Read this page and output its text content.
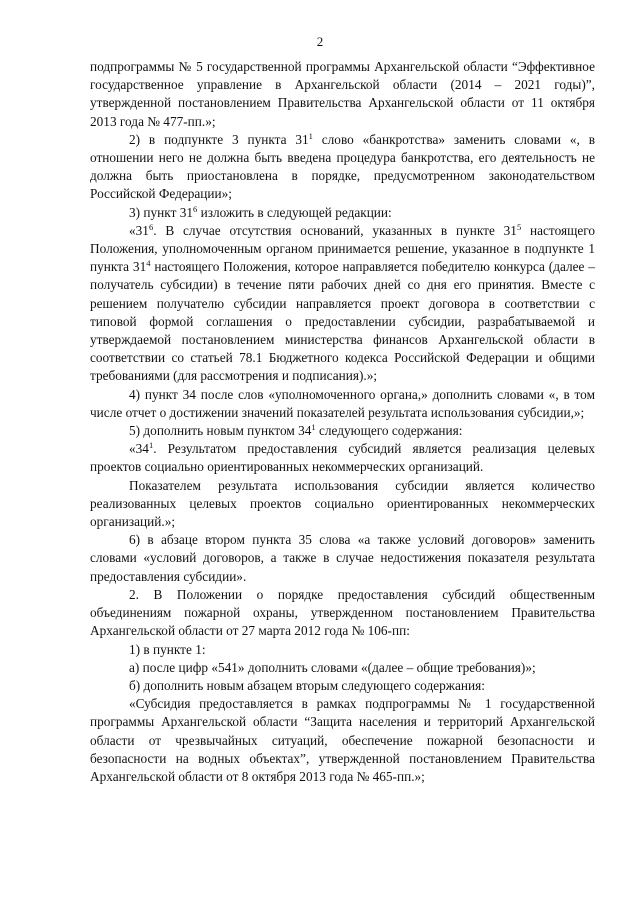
2

подпрограммы № 5 государственной программы Архангельской области “Эффективное государственное управление в Архангельской области (2014 – 2021 годы)”, утвержденной постановлением Правительства Архангельской области от 11 октября 2013 года № 477-пп.»;

2) в подпункте 3 пункта $31^1$ слово «банкротства» заменить словами «, в отношении него не должна быть введена процедура банкротства, его деятельность не должна быть приостановлена в порядке, предусмотренном законодательством Российской Федерации»;

3) пункт $31^6$ изложить в следующей редакции:

«$31^6$. В случае отсутствия оснований, указанных в пункте $31^5$ настоящего Положения, уполномоченным органом принимается решение, указанное в подпункте 1 пункта $31^4$ настоящего Положения, которое направляется победителю конкурса (далее – получатель субсидии) в течение пяти рабочих дней со дня его принятия. Вместе с решением получателю субсидии направляется проект договора в соответствии с типовой формой соглашения о предоставлении субсидии, разрабатываемой и утверждаемой постановлением министерства финансов Архангельской области в соответствии со статьей 78.1 Бюджетного кодекса Российской Федерации и общими требованиями (для рассмотрения и подписания).»;

4) пункт 34 после слов «уполномоченного органа,» дополнить словами «, в том числе отчет о достижении значений показателей результата использования субсидии,»;

5) дополнить новым пунктом $34^1$ следующего содержания:

«$34^1$. Результатом предоставления субсидий является реализация целевых проектов социально ориентированных некоммерческих организаций.

Показателем результата использования субсидии является количество реализованных целевых проектов социально ориентированных некоммерческих организаций.»;

6) в абзаце втором пункта 35 слова «а также условий договоров» заменить словами «условий договоров, а также в случае недостижения показателя результата предоставления субсидии».

2. В Положении о порядке предоставления субсидий общественным объединениям пожарной охраны, утвержденном постановлением Правительства Архангельской области от 27 марта 2012 года № 106-пп:

1) в пункте 1:

а) после цифр «541» дополнить словами «(далее – общие требования)»;

б) дополнить новым абзацем вторым следующего содержания:

«Субсидия предоставляется в рамках подпрограммы № 1 государственной программы Архангельской области “Защита населения и территорий Архангельской области от чрезвычайных ситуаций, обеспечение пожарной безопасности и безопасности на водных объектах”, утвержденной постановлением Правительства Архангельской области от 8 октября 2013 года № 465-пп.»;
